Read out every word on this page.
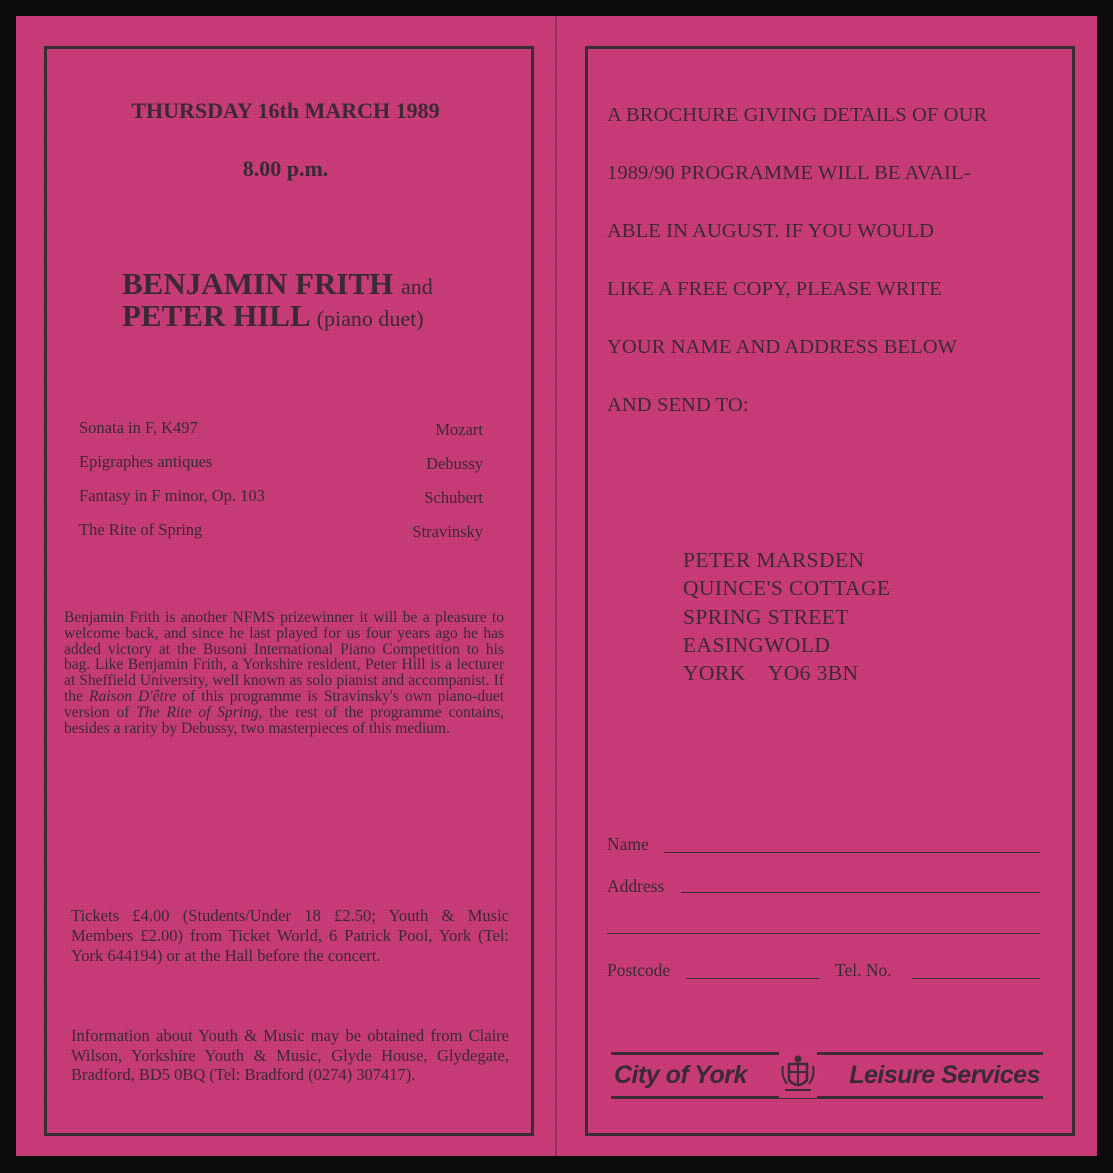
THURSDAY 16th MARCH 1989
8.00 p.m.
BENJAMIN FRITH and
PETER HILL (piano duet)
Sonata in F, K497	Mozart
Epigraphes antiques	Debussy
Fantasy in F minor, Op. 103	Schubert
The Rite of Spring	Stravinsky
Benjamin Frith is another NFMS prizewinner it will be a pleasure to welcome back, and since he last played for us four years ago he has added victory at the Busoni International Piano Competition to his bag. Like Benjamin Frith, a Yorkshire resident, Peter Hill is a lecturer at Sheffield University, well known as solo pianist and accompanist. If the Raison D'être of this programme is Stravinsky's own piano-duet version of The Rite of Spring, the rest of the programme contains, besides a rarity by Debussy, two masterpieces of this medium.
Tickets £4.00 (Students/Under 18 £2.50; Youth & Music Members £2.00) from Ticket World, 6 Patrick Pool, York (Tel: York 644194) or at the Hall before the concert.
Information about Youth & Music may be obtained from Claire Wilson, Yorkshire Youth & Music, Glyde House, Glydegate, Bradford, BD5 0BQ (Tel: Bradford (0274) 307417).
A BROCHURE GIVING DETAILS OF OUR
1989/90 PROGRAMME WILL BE AVAIL-
ABLE IN AUGUST. IF YOU WOULD
LIKE A FREE COPY, PLEASE WRITE
YOUR NAME AND ADDRESS BELOW
AND SEND TO:
PETER MARSDEN
QUINCE'S COTTAGE
SPRING STREET
EASINGWOLD
YORK    YO6 3BN
Name
Address
Postcode	Tel. No.
City of York	Leisure Services
